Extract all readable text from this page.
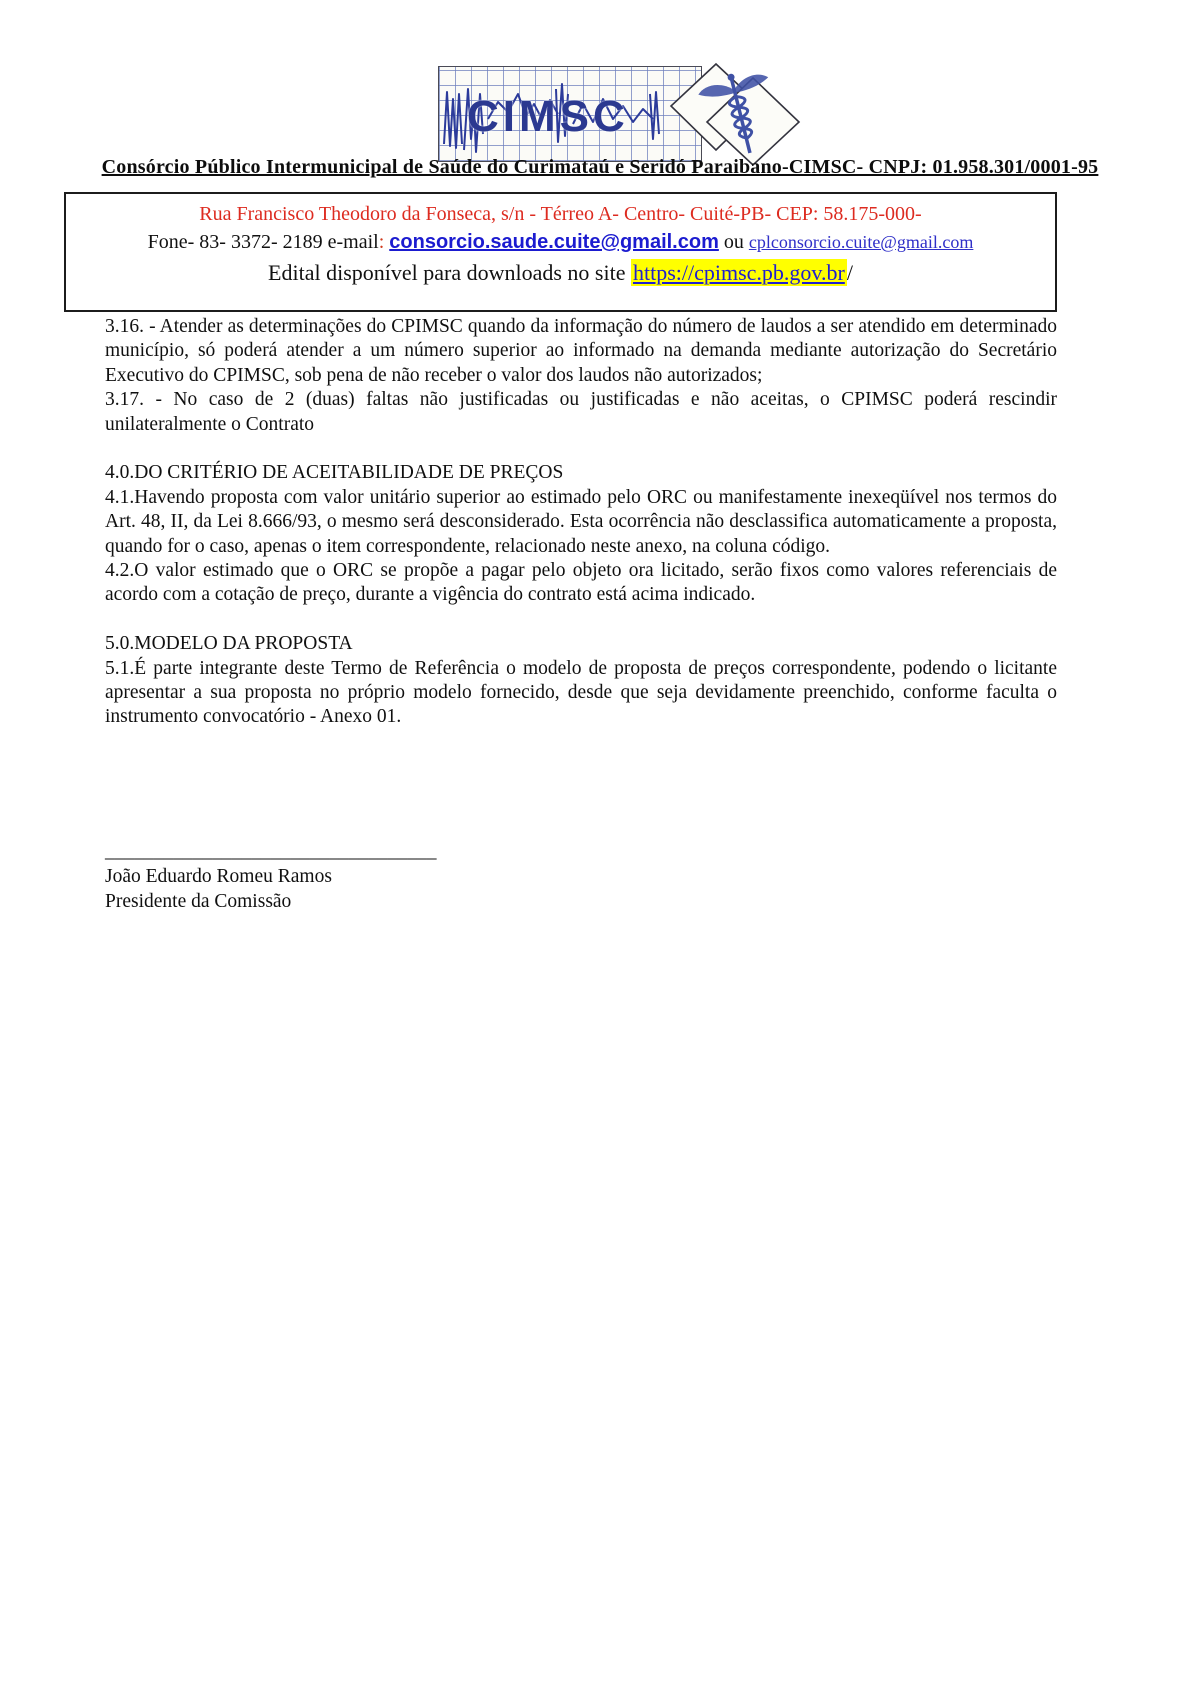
CIMSC
Consórcio Público Intermunicipal de Saúde do Curimataú e Seridó Paraibano-CIMSC- CNPJ: 01.958.301/0001-95
Rua Francisco Theodoro da Fonseca, s/n - Térreo A- Centro- Cuité-PB- CEP: 58.175-000-
Fone- 83- 3372- 2189 e-mail: consorcio.saude.cuite@gmail.com ou cplconsorcio.cuite@gmail.com
Edital disponível para downloads no site https://cpimsc.pb.gov.br/

3.16. - Atender as determinações do CPIMSC quando da informação do número de laudos a ser atendido em determinado município, só poderá atender a um número superior ao informado na demanda mediante autorização do Secretário Executivo do CPIMSC, sob pena de não receber o valor dos laudos não autorizados;

3.17. - No caso de 2 (duas) faltas não justificadas ou justificadas e não aceitas, o CPIMSC poderá rescindir unilateralmente o Contrato

4.0.DO CRITÉRIO DE ACEITABILIDADE DE PREÇOS

4.1.Havendo proposta com valor unitário superior ao estimado pelo ORC ou manifestamente inexeqüível nos termos do Art. 48, II, da Lei 8.666/93, o mesmo será desconsiderado. Esta ocorrência não desclassifica automaticamente a proposta, quando for o caso, apenas o item correspondente, relacionado neste anexo, na coluna código.

4.2.O valor estimado que o ORC se propõe a pagar pelo objeto ora licitado, serão fixos como valores referenciais de acordo com a cotação de preço, durante a vigência do contrato está acima indicado.

5.0.MODELO DA PROPOSTA

5.1.É parte integrante deste Termo de Referência o modelo de proposta de preços correspondente, podendo o licitante apresentar a sua proposta no próprio modelo fornecido, desde que seja devidamente preenchido, conforme faculta o instrumento convocatório - Anexo 01.

__________________________________
João Eduardo Romeu Ramos
Presidente da Comissão
